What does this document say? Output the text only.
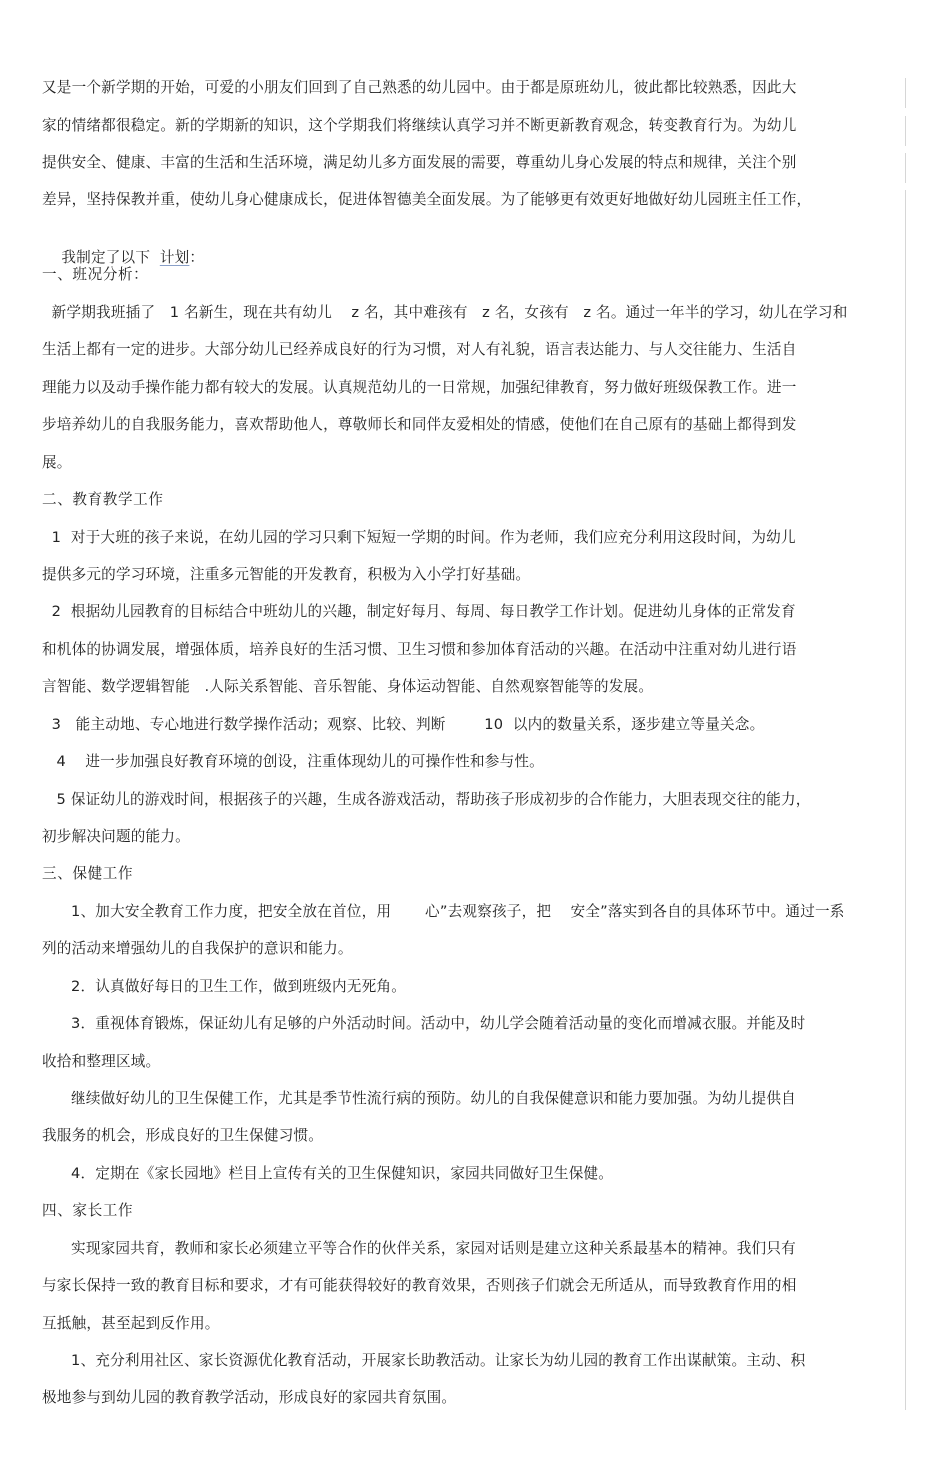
又是一个新学期的开始，可爱的小朋友们回到了自己熟悉的幼儿园中。由于都是原班幼儿，彼此都比较熟悉，因此大
家的情绪都很稳定。新的学期新的知识，这个学期我们将继续认真学习并不断更新教育观念，转变教育行为。为幼儿
提供安全、健康、丰富的生活和生活环境，满足幼儿多方面发展的需要，尊重幼儿身心发展的特点和规律，关注个别
差异，坚持保教并重，使幼儿身心健康成长，促进体智德美全面发展。为了能够更有效更好地做好幼儿园班主任工作，

我制定了以下 计划：

一、班况分析：
新学期我班插了   1 名新生，现在共有幼儿    z 名，其中难孩有   z 名，女孩有   z 名。通过一年半的学习，幼儿在学习和
生活上都有一定的进步。大部分幼儿已经养成良好的行为习惯，对人有礼貌，语言表达能力、与人交往能力、生活自
理能力以及动手操作能力都有较大的发展。认真规范幼儿的一日常规，加强纪律教育，努力做好班级保教工作。进一
步培养幼儿的自我服务能力，喜欢帮助他人，尊敬师长和同伴友爱相处的情感，使他们在自己原有的基础上都得到发
展。
二、教育教学工作
1  对于大班的孩子来说，在幼儿园的学习只剩下短短一学期的时间。作为老师，我们应充分利用这段时间，为幼儿
提供多元的学习环境，注重多元智能的开发教育，积极为入小学打好基础。
2  根据幼儿园教育的目标结合中班幼儿的兴趣，制定好每月、每周、每日教学工作计划。促进幼儿身体的正常发育
和机体的协调发展，增强体质，培养良好的生活习惯、卫生习惯和参加体育活动的兴趣。在活动中注重对幼儿进行语
言智能、数学逻辑智能   .人际关系智能、音乐智能、身体运动智能、自然观察智能等的发展。
3   能主动地、专心地进行数学操作活动；观察、比较、判断        10  以内的数量关系，逐步建立等量关念。
4    进一步加强良好教育环境的创设，注重体现幼儿的可操作性和参与性。
5 保证幼儿的游戏时间，根据孩子的兴趣，生成各游戏活动，帮助孩子形成初步的合作能力，大胆表现交往的能力，
初步解决问题的能力。
三、保健工作
1、加大安全教育工作力度，把安全放在首位，用       心”去观察孩子，把    安全”落实到各自的具体环节中。通过一系
列的活动来增强幼儿的自我保护的意识和能力。
2．认真做好每日的卫生工作，做到班级内无死角。
3．重视体育锻炼，保证幼儿有足够的户外活动时间。活动中，幼儿学会随着活动量的变化而增减衣服。并能及时
收拾和整理区域。
继续做好幼儿的卫生保健工作，尤其是季节性流行病的预防。幼儿的自我保健意识和能力要加强。为幼儿提供自
我服务的机会，形成良好的卫生保健习惯。
4．定期在《家长园地》栏目上宣传有关的卫生保健知识，家园共同做好卫生保健。
四、家长工作
实现家园共育，教师和家长必须建立平等合作的伙伴关系，家园对话则是建立这种关系最基本的精神。我们只有
与家长保持一致的教育目标和要求，才有可能获得较好的教育效果，否则孩子们就会无所适从，而导致教育作用的相
互抵触，甚至起到反作用。
1、充分利用社区、家长资源优化教育活动，开展家长助教活动。让家长为幼儿园的教育工作出谋献策。主动、积
极地参与到幼儿园的教育教学活动，形成良好的家园共育氛围。
